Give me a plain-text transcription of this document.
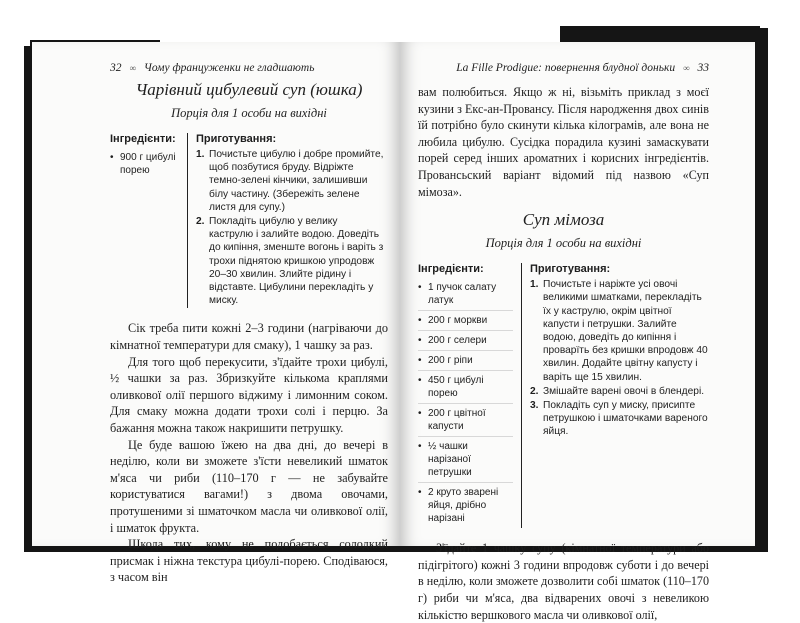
32 ∞ Чому француженки не гладшають
Чарівний цибулевий суп (юшка)
Порція для 1 особи на вихідні
Інгредієнти:
• 900 г цибулі порею
Приготування:
1. Почистьте цибулю і добре промийте, щоб позбутися бруду. Відріжте темно-зелені кінчики, залишивши білу частину. (Збережіть зелене листя для супу.)
2. Покладіть цибулю у велику каструлю і залийте водою. Доведіть до кипіння, зменште вогонь і варіть з трохи піднятою кришкою упродовж 20–30 хвилин. Злийте рідину і відставте. Цибулини перекладіть у миску.

Сік треба пити кожні 2–3 години (нагріваючи до кімнатної температури для смаку), 1 чашку за раз.

Для того щоб перекусити, з'їдайте трохи цибулі, ½ чашки за раз. Збризкуйте кількома краплями оливкової олії першого віджиму і лимонним соком. Для смаку можна додати трохи солі і перцю. За бажання можна також накришити петрушку.

Це буде вашою їжею на два дні, до вечері в неділю, коли ви зможете з'їсти невеликий шматок м'яса чи риби (110–170 г — не забувайте користуватися вагами!) з двома овочами, протушеними зі шматочком масла чи оливкової олії, і шматок фрукта.

Шкода тих, кому не подобається солодкий присмак і ніжна текстура цибулі-порею. Сподіваюся, з часом він

La Fille Prodigue: повернення блудної доньки ∞ 33

вам полюбиться. Якщо ж ні, візьміть приклад з моєї кузини з Екс-ан-Провансу. Після народження двох синів їй потрібно було скинути кілька кілограмів, але вона не любила цибулю. Сусідка порадила кузині замаскувати порей серед інших ароматних і корисних інгредієнтів. Провансьский варіант відомий під назвою «Суп мімоза».

Суп мімоза
Порція для 1 особи на вихідні
Інгредієнти:
• 1 пучок салату латук
• 200 г моркви
• 200 г селери
• 200 г ріпи
• 450 г цибулі порею
• 200 г цвітної капусти
• ½ чашки нарізаної петрушки
• 2 круто зварені яйця, дрібно нарізані
Приготування:
1. Почистьте і наріжте усі овочі великими шматками, перекладіть їх у каструлю, окрім цвітної капусти і петрушки. Залийте водою, доведіть до кипіння і проварїть без кришки впродовж 40 хвилин. Додайте цвітну капусту і варіть ще 15 хвилин.
2. Змішайте варені овочі в блендері.
3. Покладіть суп у миску, присипте петрушкою і шматочками вареного яйця.

З'їдайте 1 чашку супу (кімнатної температури або підігрітого) кожні 3 години впродовж суботи і до вечері в неділю, коли зможете дозволити собі шматок (110–170 г) риби чи м'яса, два відварених овочі з невеликою кількістю вершкового масла чи оливкової олії,
